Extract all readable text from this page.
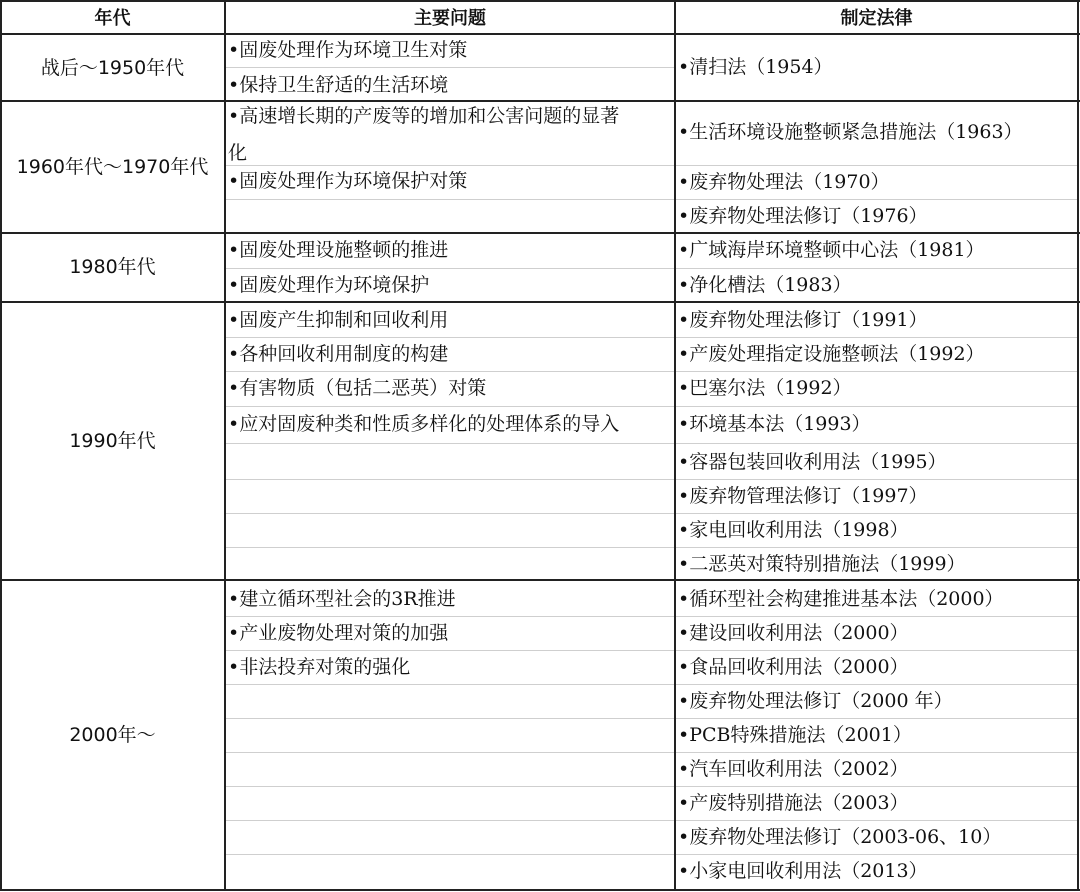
年代	主要问题	制定法律
战后～1950年代
•固废处理作为环境卫生对策
•保持卫生舒适的生活环境
•清扫法（1954）
1960年代～1970年代
•高速增长期的产废等的增加和公害问题的显著
化
•固废处理作为环境保护对策
•生活环境设施整顿紧急措施法（1963）
•废弃物处理法（1970）
•废弃物处理法修订（1976）
1980年代
•固废处理设施整顿的推进
•固废处理作为环境保护
•广域海岸环境整顿中心法（1981）
•净化槽法（1983）
1990年代
•固废产生抑制和回收利用
•各种回收利用制度的构建
•有害物质（包括二恶英）对策
•应对固废种类和性质多样化的处理体系的导入
•废弃物处理法修订（1991）
•产废处理指定设施整顿法（1992）
•巴塞尔法（1992）
•环境基本法（1993）
•容器包装回收利用法（1995）
•废弃物管理法修订（1997）
•家电回收利用法（1998）
•二恶英对策特别措施法（1999）
2000年～
•建立循环型社会的3R推进
•产业废物处理对策的加强
•非法投弃对策的强化
•循环型社会构建推进基本法（2000）
•建设回收利用法（2000）
•食品回收利用法（2000）
•废弃物处理法修订（2000 年）
•PCB特殊措施法（2001）
•汽车回收利用法（2002）
•产废特别措施法（2003）
•废弃物处理法修订（2003-06、10）
•小家电回收利用法（2013）
